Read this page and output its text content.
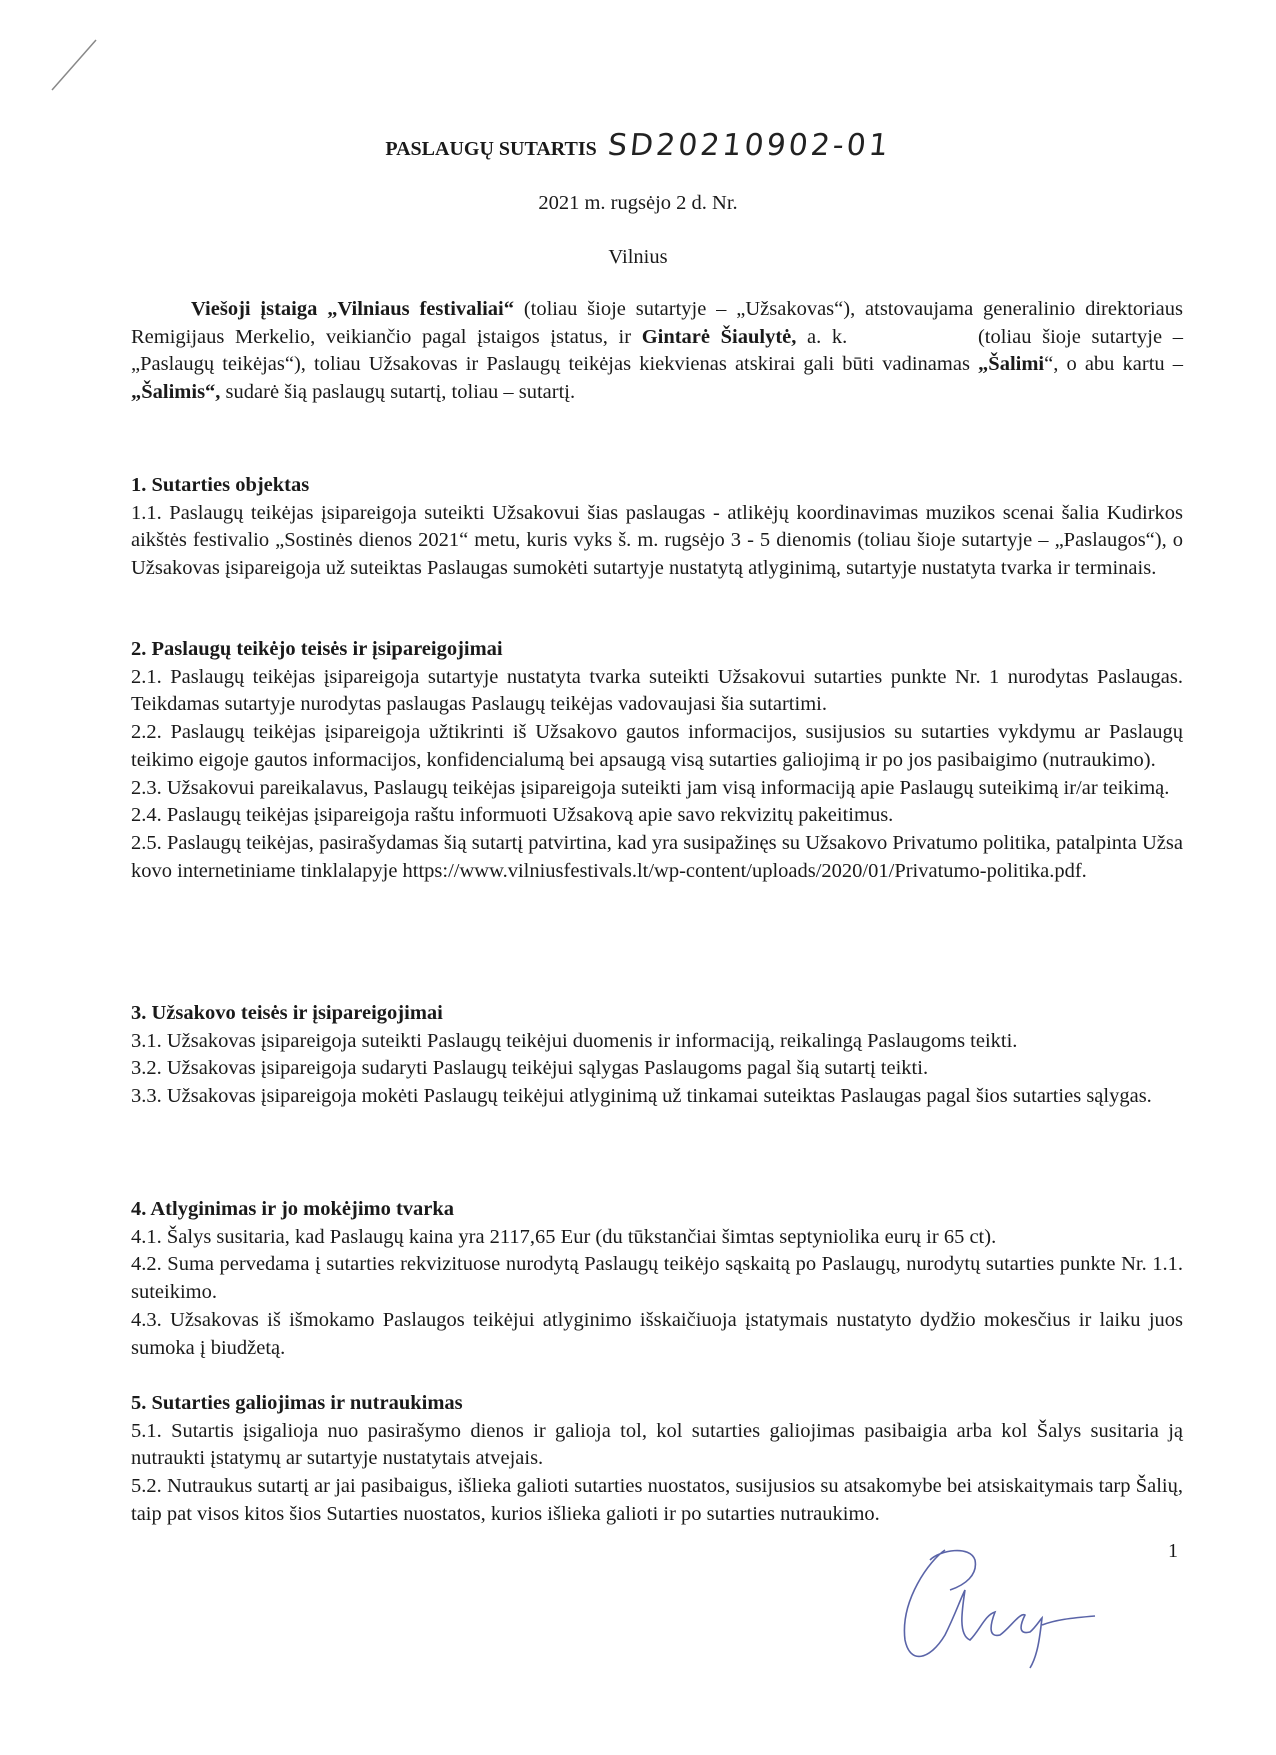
PASLAUGŲ SUTARTIS SD20210902-01
2021 m. rugsėjo 2 d. Nr.
Vilnius
Viešoji įstaiga „Vilniaus festivaliai“ (toliau šioje sutartyje – „Užsakovas“), atstovaujama generalinio direktoriaus Remigijaus Merkelio, veikiančio pagal įstaigos įstatus, ir Gintarė Šiaulytė, a. k.	(toliau šioje sutartyje – „Paslaugų teikėjas“), toliau Užsakovas ir Paslaugų teikėjas kiekvienas atskirai gali būti vadinamas „Šalimi“, o abu kartu – „Šalimis“, sudarė šią paslaugų sutartį, toliau – sutartį.
1. Sutarties objektas

1.1. Paslaugų teikėjas įsipareigoja suteikti Užsakovui šias paslaugas - atlikėjų koordinavimas muzikos scenai šalia Kudirkos aikštės festivalio „Sostinės dienos 2021“ metu, kuris vyks š. m. rugsėjo 3 - 5 dienomis (toliau šioje sutartyje – „Paslaugos“), o Užsakovas įsipareigoja už suteiktas Paslaugas sumokėti sutartyje nustatytą atlyginimą, sutartyje nustatyta tvarka ir terminais.

2. Paslaugų teikėjo teisės ir įsipareigojimai

2.1. Paslaugų teikėjas įsipareigoja sutartyje nustatyta tvarka suteikti Užsakovui sutarties punkte Nr. 1 nurodytas Paslaugas. Teikdamas sutartyje nurodytas paslaugas Paslaugų teikėjas vadovaujasi šia sutartimi.

2.2. Paslaugų teikėjas įsipareigoja užtikrinti iš Užsakovo gautos informacijos, susijusios su sutarties vykdymu ar Paslaugų teikimo eigoje gautos informacijos, konfidencialumą bei apsaugą visą sutarties galiojimą ir po jos pasibaigimo (nutraukimo).

2.3. Užsakovui pareikalavus, Paslaugų teikėjas įsipareigoja suteikti jam visą informaciją apie Paslaugų suteikimą ir/ar teikimą.

2.4. Paslaugų teikėjas įsipareigoja raštu informuoti Užsakovą apie savo rekvizitų pakeitimus.

2.5. Paslaugų teikėjas, pasirašydamas šią sutartį patvirtina, kad yra susipažinęs su Užsakovo Privatumo politika, patalpinta Užsakovo internetiniame tinklalapyje https://www.vilniusfestivals.lt/wp-content/uploads/2020/01/Privatumo-politika.pdf.

3. Užsakovo teisės ir įsipareigojimai

3.1. Užsakovas įsipareigoja suteikti Paslaugų teikėjui duomenis ir informaciją, reikalingą Paslaugoms teikti.

3.2. Užsakovas įsipareigoja sudaryti Paslaugų teikėjui sąlygas Paslaugoms pagal šią sutartį teikti.

3.3. Užsakovas įsipareigoja mokėti Paslaugų teikėjui atlyginimą už tinkamai suteiktas Paslaugas pagal šios sutarties sąlygas.

4. Atlyginimas ir jo mokėjimo tvarka

4.1. Šalys susitaria, kad Paslaugų kaina yra 2117,65 Eur (du tūkstančiai šimtas septyniolika eurų ir 65 ct).

4.2. Suma pervedama į sutarties rekvizituose nurodytą Paslaugų teikėjo sąskaitą po Paslaugų, nurodytų sutarties punkte Nr. 1.1. suteikimo.

4.3. Užsakovas iš išmokamo Paslaugos teikėjui atlyginimo išskaičiuoja įstatymais nustatyto dydžio mokesčius ir laiku juos sumoka į biudžetą.

5. Sutarties galiojimas ir nutraukimas

5.1. Sutartis įsigalioja nuo pasirašymo dienos ir galioja tol, kol sutarties galiojimas pasibaigia arba kol Šalys susitaria ją nutraukti įstatymų ar sutartyje nustatytais atvejais.

5.2. Nutraukus sutartį ar jai pasibaigus, išlieka galioti sutarties nuostatos, susijusios su atsakomybe bei atsiskaitymais tarp Šalių, taip pat visos kitos šios Sutarties nuostatos, kurios išlieka galioti ir po sutarties nutraukimo.

1
